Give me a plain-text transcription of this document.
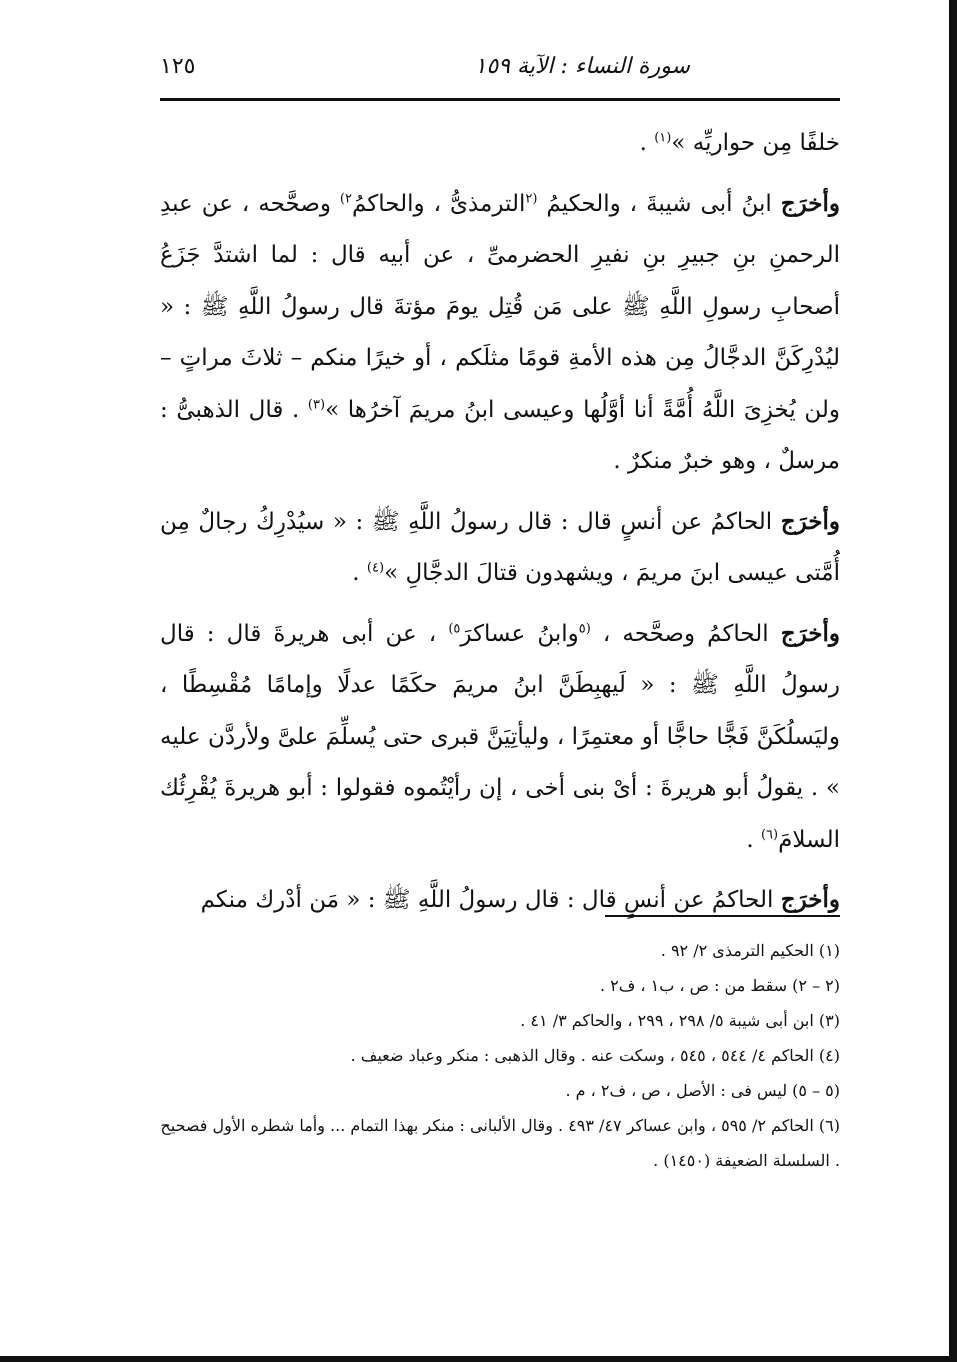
سورة النساء : الآية ١٥٩
١٢٥

خلفًا مِن حواريِّه »$^{(١)}$ .

وأخرَج ابنُ أبى شيبةَ ، والحكيمُ $^{(٢}$الترمذىُّ ، والحاكمُ$^{٢)}$ وصحَّحه ، عن عبدِ الرحمنِ بنِ جبيرِ بنِ نفيرِ الحضرمىِّ ، عن أبيه قال : لما اشتدَّ جَزَعُ أصحابِ رسولِ اللَّهِ ﷺ على مَن قُتِل يومَ مؤتةَ قال رسولُ اللَّهِ ﷺ : « ليُدْرِكَنَّ الدجَّالُ مِن هذه الأمةِ قومًا مثلَكم ، أو خيرًا منكم – ثلاثَ مراتٍ – ولن يُخزِىَ اللَّهُ أُمَّةً أنا أوَّلُها وعيسى ابنُ مريمَ آخرُها »$^{(٣)}$ . قال الذهبىُّ : مرسلٌ ، وهو خبرٌ منكرٌ .

وأخرَج الحاكمُ عن أنسٍ قال : قال رسولُ اللَّهِ ﷺ : « سيُدْرِكُ رجالٌ مِن أُمَّتى عيسى ابنَ مريمَ ، ويشهدون قتالَ الدجَّالِ »$^{(٤)}$ .

وأخرَج الحاكمُ وصحَّحه ، $^{(٥}$وابنُ عساكرَ$^{٥)}$ ، عن أبى هريرةَ قال : قال رسولُ اللَّهِ ﷺ : « لَيهبِطَنَّ ابنُ مريمَ حكَمًا عدلًا وإمامًا مُقْسِطًا ، وليَسلُكَنَّ فَجًّا حاجًّا أو معتمِرًا ، وليأتِيَنَّ قبرى حتى يُسلِّمَ علىَّ ولأردَّن عليه » . يقولُ أبو هريرةَ : أىْ بنى أخى ، إن رأيْتُموه فقولوا : أبو هريرةَ يُقْرِئُك السلامَ$^{(٦)}$ .

وأخرَج الحاكمُ عن أنسٍ قال : قال رسولُ اللَّهِ ﷺ : « مَن أدْرك منكم

(١) الحكيم الترمذى ٢/ ٩٢ .

(٢ – ٢) سقط من : ص ، ب١ ، ف٢ .

(٣) ابن أبى شيبة ٥/ ٢٩٨ ، ٢٩٩ ، والحاكم ٣/ ٤١ .

(٤) الحاكم ٤/ ٥٤٤ ، ٥٤٥ ، وسكت عنه . وقال الذهبى : منكر وعباد ضعيف .

(٥ – ٥) ليس فى : الأصل ، ص ، ف٢ ، م .

(٦) الحاكم ٢/ ٥٩٥ ، وابن عساكر ٤٧/ ٤٩٣ . وقال الألبانى : منكر بهذا التمام ... وأما شطره الأول فصحيح . السلسلة الضعيفة (١٤٥٠) .
